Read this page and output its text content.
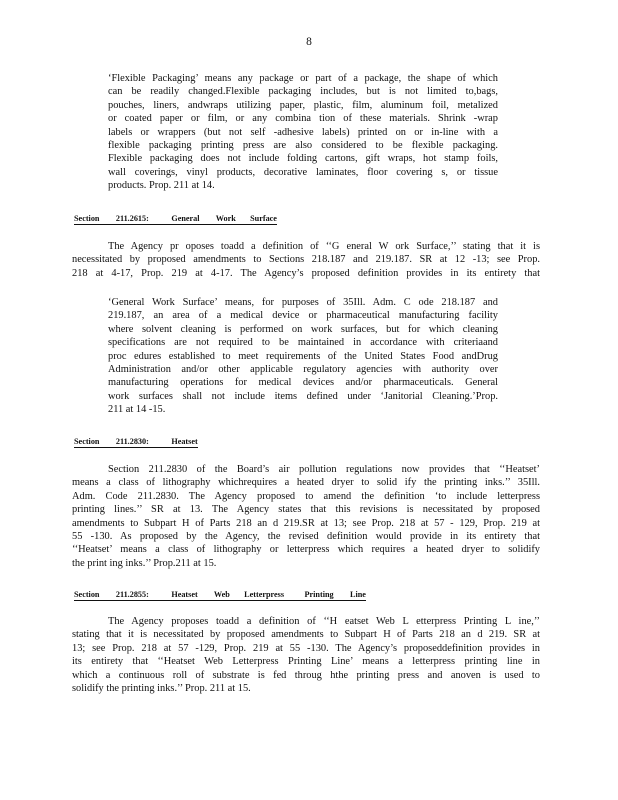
8
‘Flexible Packaging’ means any package or part of a package, the shape of which
can be readily changed.Flexible packaging includes, but is not limited to,bags,
pouches, liners, andwraps utilizing paper, plastic, film, aluminum foil, metalized
or coated paper or film, or any combina tion of these materials. Shrink -wrap
labels or wrappers (but not self -adhesive labels) printed on or in-line with a
flexible packaging printing press are also considered to be flexible packaging.
Flexible packaging does not include folding cartons, gift wraps, hot stamp foils,
wall coverings, vinyl products, decorative laminates, floor covering s, or tissue
products. Prop. 211 at 14.
Section        211.2615:           General        Work       Surface
The Agency pr oposes toadd a definition of ‘‘G eneral W ork Surface,’’ stating that it is
necessitated by proposed amendments to Sections 218.187 and 219.187. SR at 12 -13; see Prop.
218 at 4-17, Prop. 219 at 4-17. The Agency’s proposed definition provides in its entirety that
‘General Work Surface’ means, for purposes of 35Ill. Adm. C ode 218.187 and
219.187, an area of a medical device or pharmaceutical manufacturing facility
where solvent cleaning is performed on work surfaces, but for which cleaning
specifications are not required to be maintained in accordance with criteriaand
proc edures established to meet requirements of the United States Food andDrug
Administration and/or other applicable regulatory agencies with authority over
manufacturing operations for medical devices and/or pharmaceuticals. General
work surfaces shall not include items defined under ‘Janitorial Cleaning.’Prop.
211 at 14 -15.
Section        211.2830:           Heatset
Section 211.2830 of the Board’s air pollution regulations now provides that ‘‘Heatset’
means a class of lithography whichrequires a heated dryer to solid ify the printing inks.’’ 35Ill.
Adm. Code 211.2830. The Agency proposed to amend the definition ‘to include letterpress
printing lines.’’ SR at 13. The Agency states that this revisions is necessitated by proposed
amendments to Subpart H of Parts 218 an d 219.SR at 13; see Prop. 218 at 57 - 129, Prop. 219 at
55 -130. As proposed by the Agency, the revised definition would provide in its entirety that
‘‘Heatset’ means a class of lithography or letterpress which requires a heated dryer to solidify
the print ing inks.’’ Prop.211 at 15.
Section        211.2855:           Heatset        Web       Letterpress          Printing        Line
The Agency proposes toadd a definition of ‘‘H eatset Web L etterpress Printing L ine,’’
stating that it is necessitated by proposed amendments to Subpart H of Parts 218 an d 219. SR at
13; see Prop. 218 at 57 -129, Prop. 219 at 55 -130. The Agency’s proposeddefinition provides in
its entirety that ‘‘Heatset Web Letterpress Printing Line’ means a letterpress printing line in
which a continuous roll of substrate is fed throug hthe printing press and anoven is used to
solidify the printing inks.’’ Prop. 211 at 15.
